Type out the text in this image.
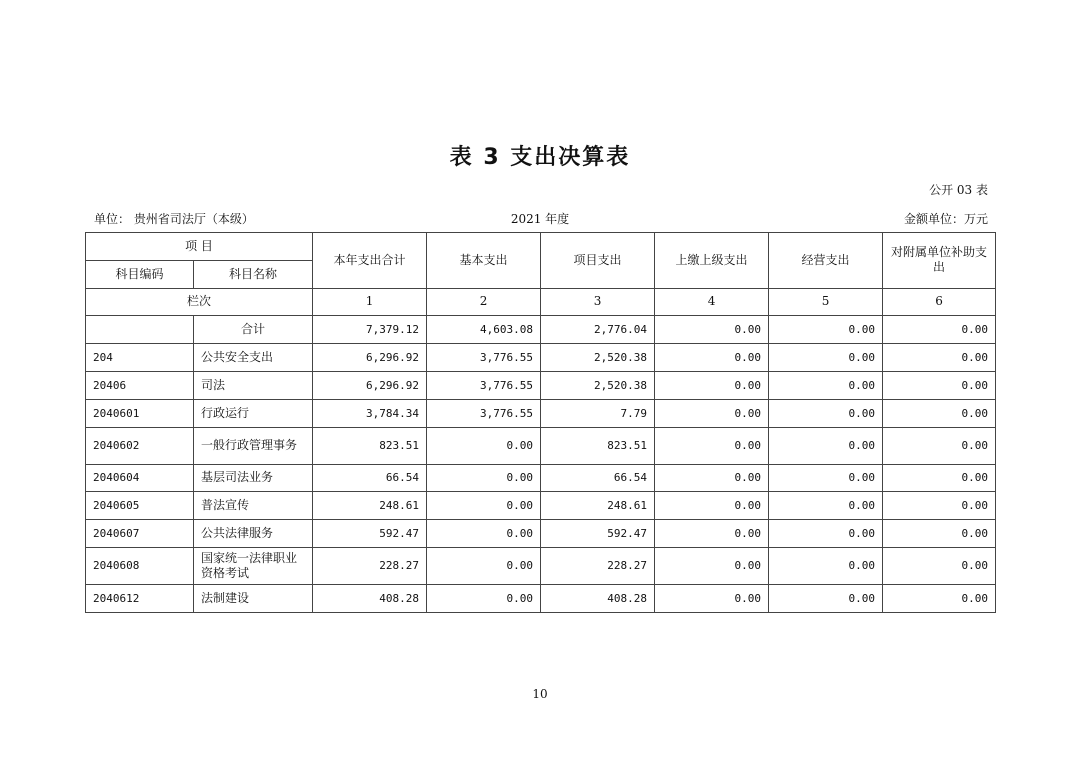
表 3 支出决算表
公开 03 表
单位： 贵州省司法厅（本级）	2021 年度	金额单位：万元
项 目		本年支出合计	基本支出	项目支出	上缴上级支出	经营支出	对附属单位补助支出
科目编码	科目名称						
栏次		1	2	3	4	5	6
	合计	7,379.12	4,603.08	2,776.04	0.00	0.00	0.00
204	公共安全支出	6,296.92	3,776.55	2,520.38	0.00	0.00	0.00
20406	司法	6,296.92	3,776.55	2,520.38	0.00	0.00	0.00
2040601	行政运行	3,784.34	3,776.55	7.79	0.00	0.00	0.00
2040602	一般行政管理事务	823.51	0.00	823.51	0.00	0.00	0.00
2040604	基层司法业务	66.54	0.00	66.54	0.00	0.00	0.00
2040605	普法宣传	248.61	0.00	248.61	0.00	0.00	0.00
2040607	公共法律服务	592.47	0.00	592.47	0.00	0.00	0.00
2040608	国家统一法律职业资格考试	228.27	0.00	228.27	0.00	0.00	0.00
2040612	法制建设	408.28	0.00	408.28	0.00	0.00	0.00
10
